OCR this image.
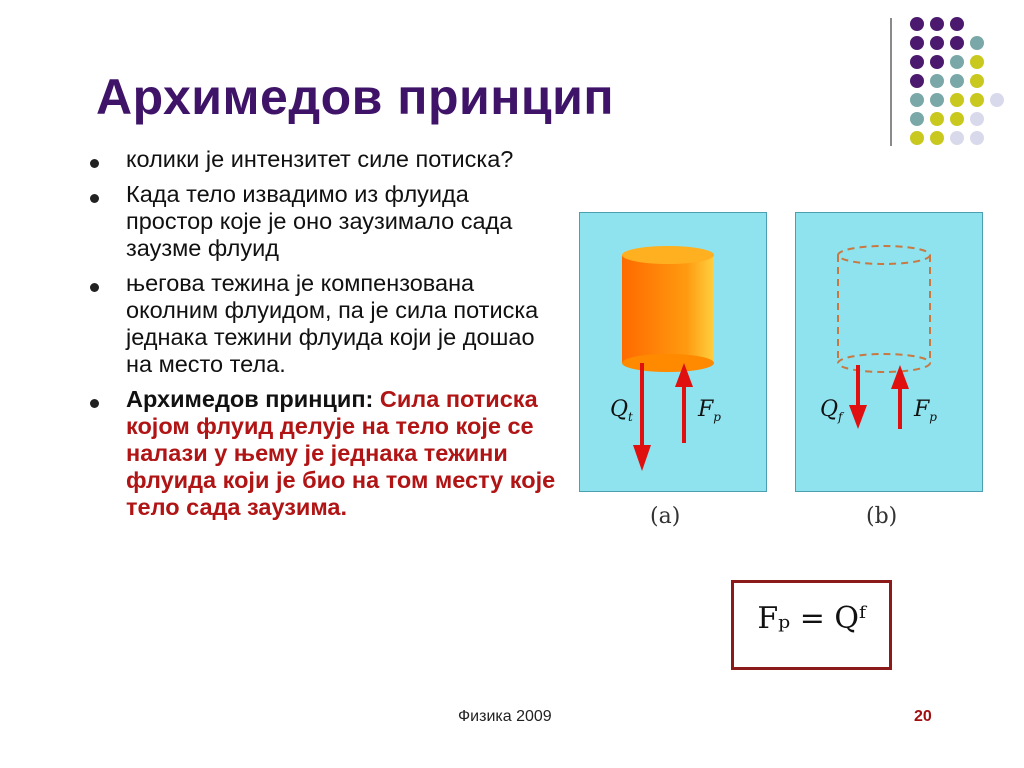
Архимедов принцип
колики је интензитет силе потиска?
Када тело извадимо из флуида простор које је оно заузимало сада заузме флуид
његова тежина је компензована околним флуидом, па је сила потиска једнака тежини флуида који је дошао на место тела.
Архимедов принцип: Сила потиска којом флуид делује на тело које се налази у њему је једнака тежини флуида који је био на том месту које тело сада заузима.
$Q_t$	$F_p$	$Q_f$	$F_p$
(a)	(b)
Fₚ = Qᶠ
Физика 2009	20
